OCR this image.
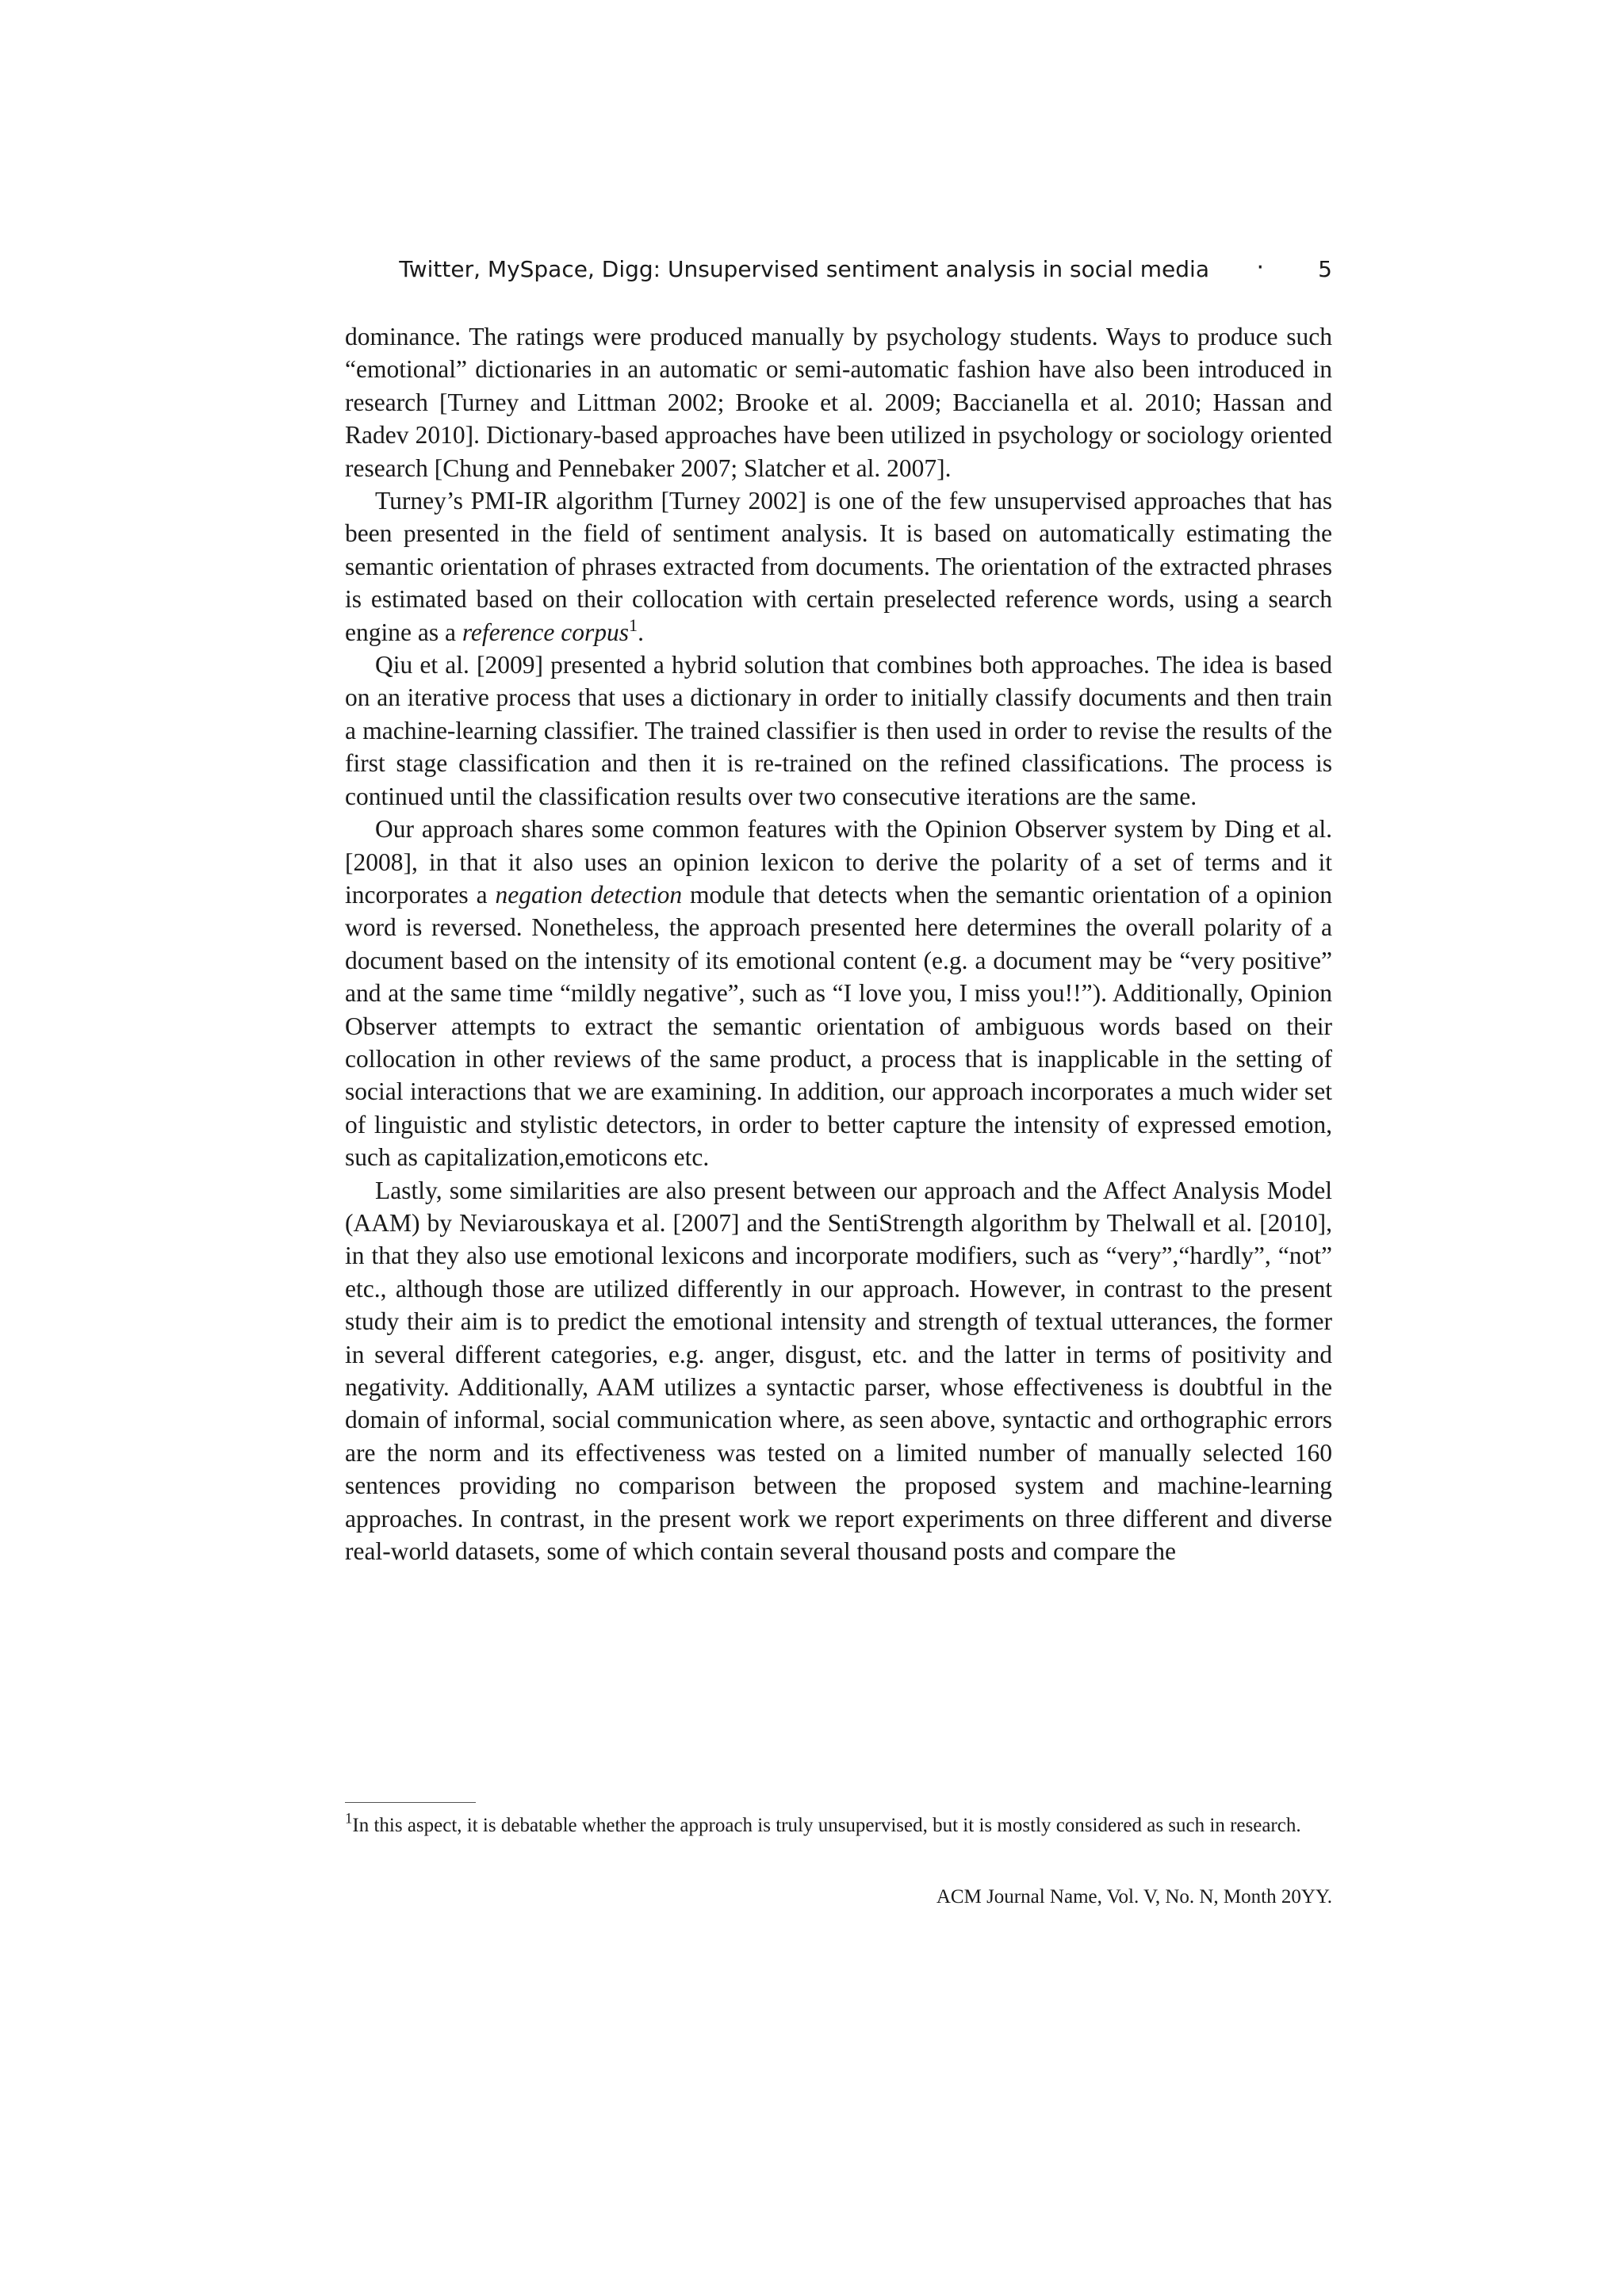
Twitter, MySpace, Digg: Unsupervised sentiment analysis in social media · 5

dominance. The ratings were produced manually by psychology students. Ways to produce such “emotional” dictionaries in an automatic or semi-automatic fashion have also been introduced in research [Turney and Littman 2002; Brooke et al. 2009; Baccianella et al. 2010; Hassan and Radev 2010]. Dictionary-based approaches have been utilized in psychology or sociology oriented research [Chung and Pennebaker 2007; Slatcher et al. 2007].

Turney’s PMI-IR algorithm [Turney 2002] is one of the few unsupervised approaches that has been presented in the field of sentiment analysis. It is based on automatically estimating the semantic orientation of phrases extracted from documents. The orientation of the extracted phrases is estimated based on their collocation with certain preselected reference words, using a search engine as a reference corpus$^1$.

Qiu et al. [2009] presented a hybrid solution that combines both approaches. The idea is based on an iterative process that uses a dictionary in order to initially classify documents and then train a machine-learning classifier. The trained classifier is then used in order to revise the results of the first stage classification and then it is re-trained on the refined classifications. The process is continued until the classification results over two consecutive iterations are the same.

Our approach shares some common features with the Opinion Observer system by Ding et al. [2008], in that it also uses an opinion lexicon to derive the polarity of a set of terms and it incorporates a negation detection module that detects when the semantic orientation of a opinion word is reversed. Nonetheless, the approach presented here determines the overall polarity of a document based on the intensity of its emotional content (e.g. a document may be “very positive” and at the same time “mildly negative”, such as “I love you, I miss you!!”). Additionally, Opinion Observer attempts to extract the semantic orientation of ambiguous words based on their collocation in other reviews of the same product, a process that is inapplicable in the setting of social interactions that we are examining. In addition, our approach incorporates a much wider set of linguistic and stylistic detectors, in order to better capture the intensity of expressed emotion, such as capitalization,emoticons etc.

Lastly, some similarities are also present between our approach and the Affect Analysis Model (AAM) by Neviarouskaya et al. [2007] and the SentiStrength algorithm by Thelwall et al. [2010], in that they also use emotional lexicons and incorporate modifiers, such as “very”,“hardly”, “not” etc., although those are utilized differently in our approach. However, in contrast to the present study their aim is to predict the emotional intensity and strength of textual utterances, the former in several different categories, e.g. anger, disgust, etc. and the latter in terms of positivity and negativity. Additionally, AAM utilizes a syntactic parser, whose effectiveness is doubtful in the domain of informal, social communication where, as seen above, syntactic and orthographic errors are the norm and its effectiveness was tested on a limited number of manually selected 160 sentences providing no comparison between the proposed system and machine-learning approaches. In contrast, in the present work we report experiments on three different and diverse real-world datasets, some of which contain several thousand posts and compare the

$^1$In this aspect, it is debatable whether the approach is truly unsupervised, but it is mostly considered as such in research.
ACM Journal Name, Vol. V, No. N, Month 20YY.
